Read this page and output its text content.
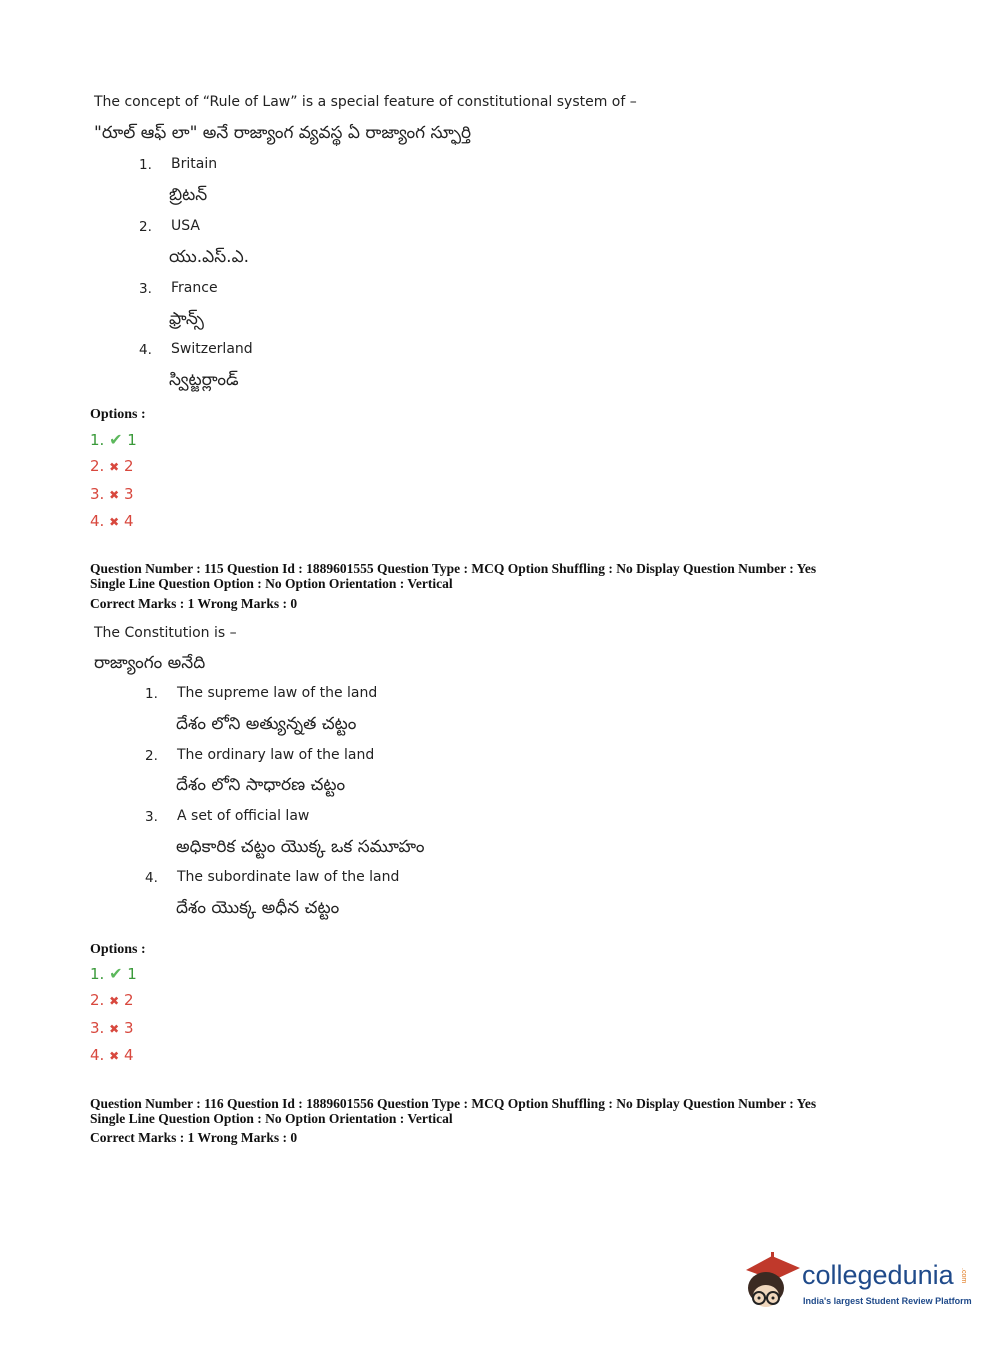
The concept of “Rule of Law” is a special feature of constitutional system of –
"రూల్ ఆఫ్ లా" అనే రాజ్యాంగ వ్యవస్థ ఏ రాజ్యాంగ స్ఫూర్తి
1. Britain
బ్రిటన్
2. USA
యు.ఎస్.ఎ.
3. France
ఫ్రాన్స్
4. Switzerland
స్విట్జర్లాండ్
Options :
1. ✔ 1
2. ✖ 2
3. ✖ 3
4. ✖ 4
Question Number : 115 Question Id : 1889601555 Question Type : MCQ Option Shuffling : No Display Question Number : Yes
Single Line Question Option : No Option Orientation : Vertical
Correct Marks : 1 Wrong Marks : 0
The Constitution is –
రాజ్యాంగం అనేది
1. The supreme law of the land
దేశం లోని అత్యున్నత చట్టం
2. The ordinary law of the land
దేశం లోని సాధారణ చట్టం
3. A set of official law
అధికారిక చట్టం యొక్క ఒక సమూహం
4. The subordinate law of the land
దేశం యొక్క అధీన చట్టం
Options :
1. ✔ 1
2. ✖ 2
3. ✖ 3
4. ✖ 4
Question Number : 116 Question Id : 1889601556 Question Type : MCQ Option Shuffling : No Display Question Number : Yes
Single Line Question Option : No Option Orientation : Vertical
Correct Marks : 1 Wrong Marks : 0
collegedunia .com
India's largest Student Review Platform
